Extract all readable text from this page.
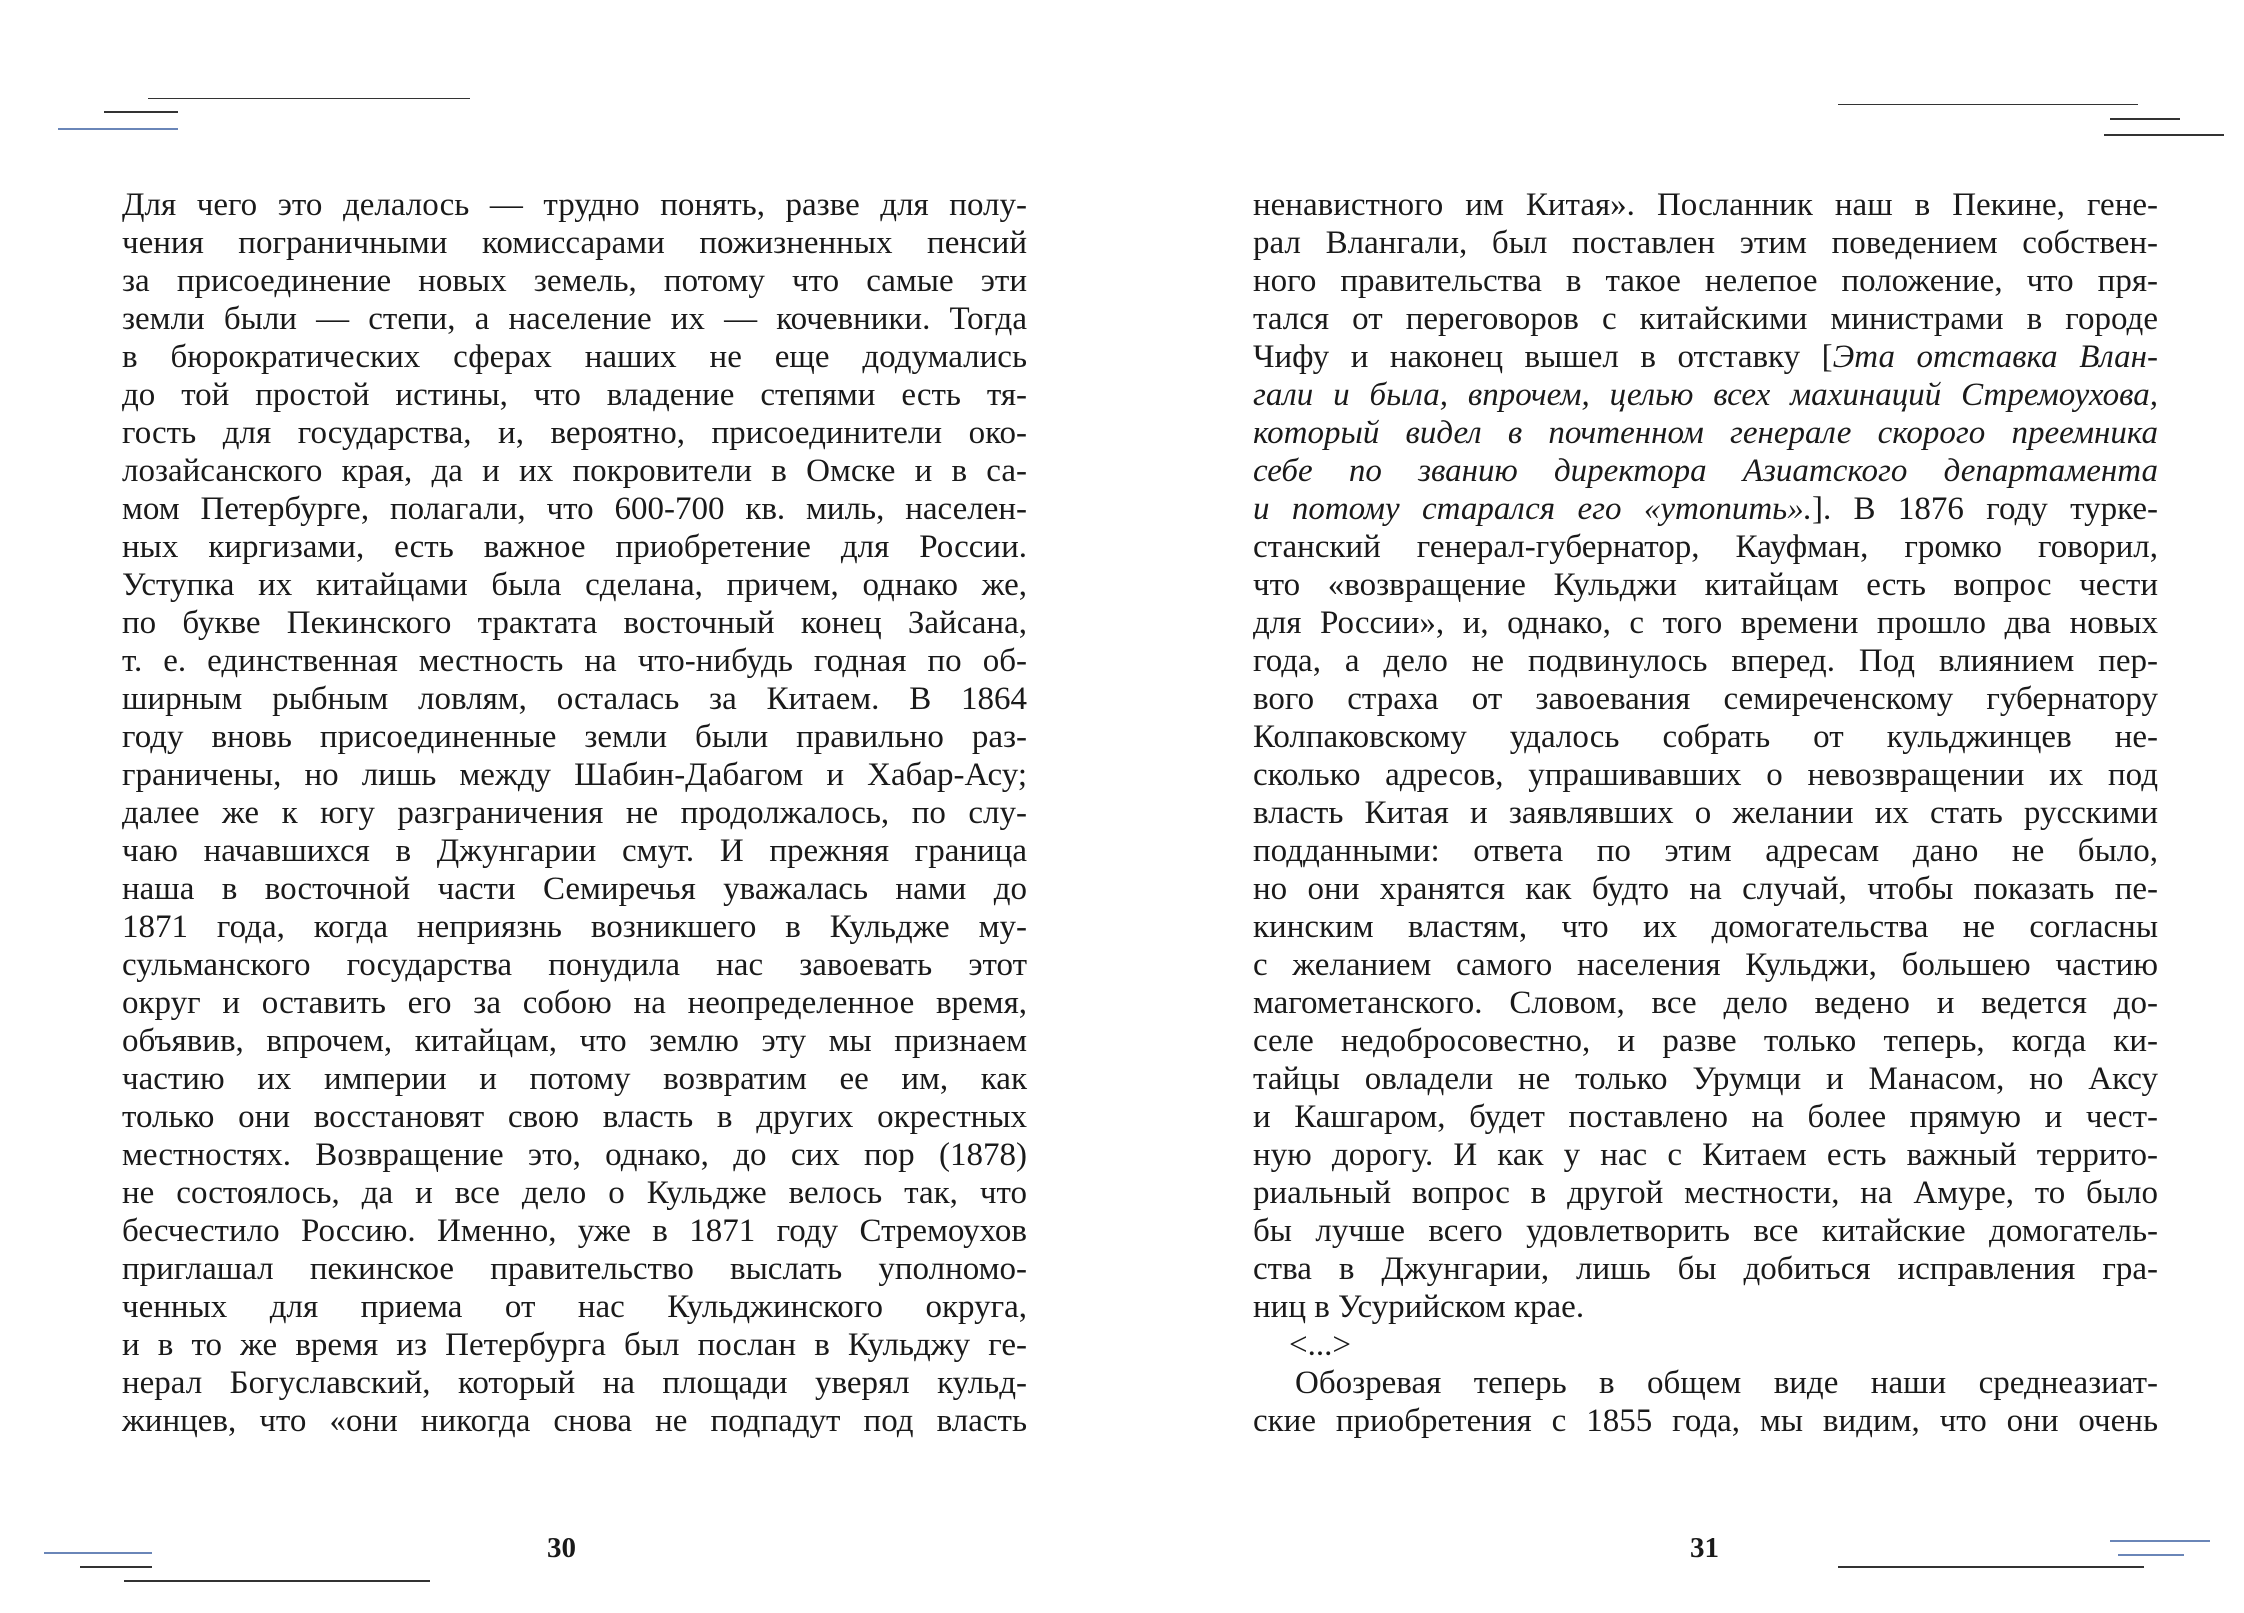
Для чего это делалось — трудно понять, разве для полу-
чения пограничными комиссарами пожизненных пенсий
за присоединение новых земель, потому что самые эти
земли были — степи, а население их — кочевники. Тогда
в бюрократических сферах наших не еще додумались
до той простой истины, что владение степями есть тя-
гость для государства, и, вероятно, присоединители око-
лозайсанского края, да и их покровители в Омске и в са-
мом Петербурге, полагали, что 600-700 кв. миль, населен-
ных киргизами, есть важное приобретение для России.
Уступка их китайцами была сделана, причем, однако же,
по букве Пекинского трактата восточный конец Зайсана,
т. е. единственная местность на что-нибудь годная по об-
ширным рыбным ловлям, осталась за Китаем. В 1864
году вновь присоединенные земли были правильно раз-
граничены, но лишь между Шабин-Дабагом и Хабар-Асу;
далее же к югу разграничения не продолжалось, по слу-
чаю начавшихся в Джунгарии смут. И прежняя граница
наша в восточной части Семиречья уважалась нами до
1871 года, когда неприязнь возникшего в Кульдже му-
сульманского государства понудила нас завоевать этот
округ и оставить его за собою на неопределенное время,
объявив, впрочем, китайцам, что землю эту мы признаем
частию их империи и потому возвратим ее им, как
только они восстановят свою власть в других окрестных
местностях. Возвращение это, однако, до сих пор (1878)
не состоялось, да и все дело о Кульдже велось так, что
бесчестило Россию. Именно, уже в 1871 году Стремоухов
приглашал пекинское правительство выслать уполномо-
ченных для приема от нас Кульджинского округа,
и в то же время из Петербурга был послан в Кульджу ге-
нерал Богуславский, который на площади уверял кульд-
жинцев, что «они никогда снова не подпадут под власть
30
ненавистного им Китая». Посланник наш в Пекине, гене-
рал Влангали, был поставлен этим поведением собствен-
ного правительства в такое нелепое положение, что пря-
тался от переговоров с китайскими министрами в городе
Чифу и наконец вышел в отставку [Эта отставка Влан-
гали и была, впрочем, целью всех махинаций Стремоухова,
который видел в почтенном генерале скорого преемника
себе по званию директора Азиатского департамента
и потому старался его «утопить».]. В 1876 году турке-
станский генерал-губернатор, Кауфман, громко говорил,
что «возвращение Кульджи китайцам есть вопрос чести
для России», и, однако, с того времени прошло два новых
года, а дело не подвинулось вперед. Под влиянием пер-
вого страха от завоевания семиреченскому губернатору
Колпаковскому удалось собрать от кульджинцев не-
сколько адресов, упрашивавших о невозвращении их под
власть Китая и заявлявших о желании их стать русскими
подданными: ответа по этим адресам дано не было,
но они хранятся как будто на случай, чтобы показать пе-
кинским властям, что их домогательства не согласны
с желанием самого населения Кульджи, большею частию
магометанского. Словом, все дело ведено и ведется до-
селе недобросовестно, и разве только теперь, когда ки-
тайцы овладели не только Урумци и Манасом, но Аксу
и Кашгаром, будет поставлено на более прямую и чест-
ную дорогу. И как у нас с Китаем есть важный террито-
риальный вопрос в другой местности, на Амуре, то было
бы лучше всего удовлетворить все китайские домогатель-
ства в Джунгарии, лишь бы добиться исправления гра-
ниц в Усурийском крае.
<...>
Обозревая теперь в общем виде наши среднеазиат-
ские приобретения с 1855 года, мы видим, что они очень
31
